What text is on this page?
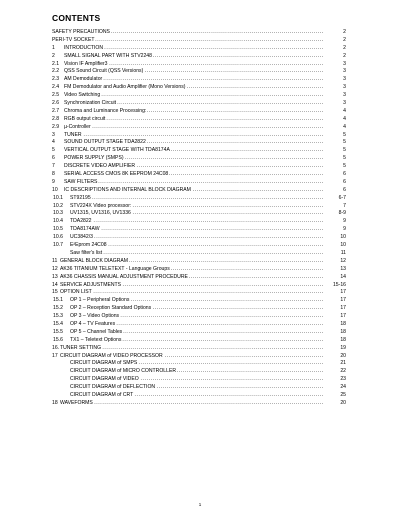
CONTENTS
SAFETY PRECAUTIONS .....	2
PERI-TV SOCKET .....	2
1 INTRODUCTION .....	2
2 SMALL SIGNAL PART WITH STV2248 .....	2
2.1 Vision IF Amplifier3 .....	3
2.2 QSS Sound Circuit (QSS Versions) .....	3
2.3 AM Demodulator .....	3
2.4 FM Demodulator and Audio Amplifier (Mono Versions) .....	3
2.5 Video Switching .....	3
2.6 Synchronization Circuit .....	3
2.7 Chroma and Luminance Processing: .....	4
2.8 RGB output circuit .....	4
2.9 µ-Controller .....	4
3 TUNER .....	5
4 SOUND OUTPUT STAGE TDA2822 .....	5
5 VERTICAL OUTPUT STAGE WITH TDA8174A .....	5
6 POWER SUPPLY (SMPS) .....	5
7 DISCRETE VIDEO AMPLIFIER .....	5
8 SERIAL ACCESS CMOS 8K EEPROM 24C08 .....	6
9 SAW FILTERS .....	6
10 IC DESCRIPTIONS AND INTERNAL BLOCK DIAGRAM .....	6
10.1 ST92195 .....	6-7
10.2 STV224X Video processor: .....	7
10.3 UV1315, UV1316, UV1336 .....	8-9
10.4 TDA2822 .....	9
10.5 TDA8174AW .....	9
10.6 UC3842/3 .....	10
10.7 E²Eprom 24C08 .....	10
Saw filter's list .....	11
11 GENERAL BLOCK DIAGRAM .....	12
12 AK36 TITANIUM TELETEXT - Language Groups .....	13
13 AK36 CHASSIS MANUAL ADJUSTMENT PROCEDURE .....	14
14 SERVICE ADJUSTMENTS .....	15-16
15 OPTION LIST .....	17
15.1 OP 1 – Peripheral Options .....	17
15.2 OP 2 – Reception Standard Options .....	17
15.3 OP 3 – Video Options .....	17
15.4 OP 4 – TV Features .....	18
15.5 OP 5 – Channel Tables .....	18
15.6 TX1 – Teletext Options .....	18
16. TUNER SETTING .....	19
17 CIRCUIT DIAGRAM of VIDEO PROCESSOR .....	20
CIRCUIT DIAGRAM of SMPS .....	21
CIRCUIT DIAGRAM of MICRO CONTROLLER .....	22
CIRCUIT DIAGRAM of VIDEO .....	23
CIRCUIT DIAGRAM of DEFLECTION .....	24
CIRCUIT DIAGRAM of CRT .....	25
18 WAVEFORMS .....	20
1
